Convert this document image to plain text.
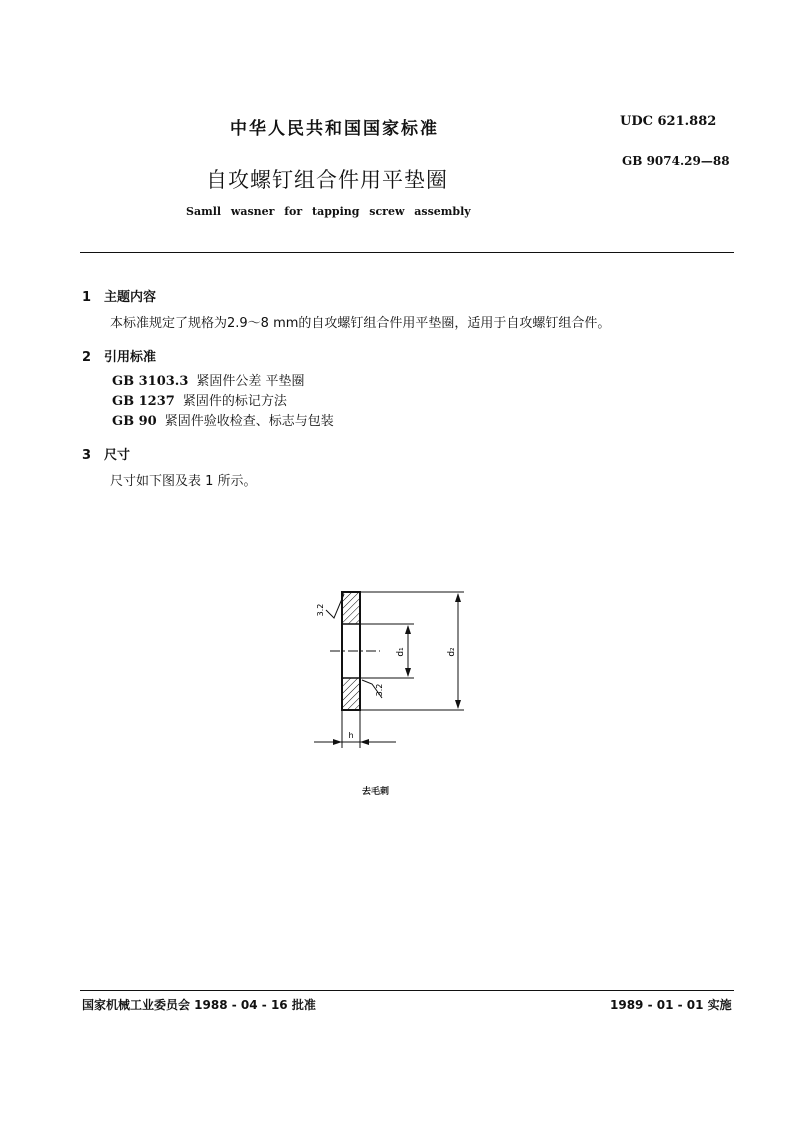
中华人民共和国国家标准	UDC 621.882
GB 9074.29—88
自攻螺钉组合件用平垫圈
Samll wasner for tapping screw assembly
1 主题内容
本标准规定了规格为2.9～8 mm的自攻螺钉组合件用平垫圈，适用于自攻螺钉组合件。
2 引用标准
GB 3103.3 紧固件公差 平垫圈
GB 1237 紧固件的标记方法
GB 90 紧固件验收检查、标志与包装
3 尺寸
尺寸如下图及表 1 所示。
d₂
d₁
h
3.2
3.2
去毛刺
国家机械工业委员会 1988 - 04 - 16 批准	1989 - 01 - 01 实施
